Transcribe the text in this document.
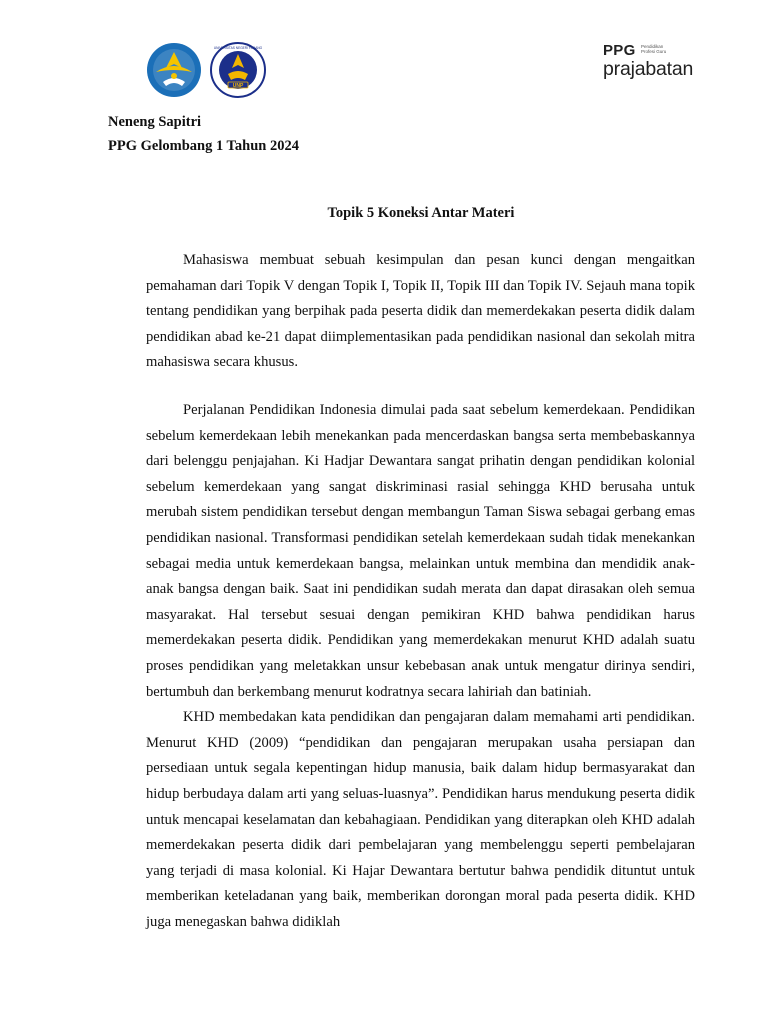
UNP
UNIVERSITAS NEGERI PADANG	PPG Pendidikan Profesi Guru
prajabatan
Neneng Sapitri
PPG Gelombang 1 Tahun 2024
Topik 5 Koneksi Antar Materi

Mahasiswa membuat sebuah kesimpulan dan pesan kunci dengan mengaitkan pemahaman dari Topik V dengan Topik I, Topik II, Topik III dan Topik IV. Sejauh mana topik tentang pendidikan yang berpihak pada peserta didik dan memerdekakan peserta didik dalam pendidikan abad ke-21 dapat diimplementasikan pada pendidikan nasional dan sekolah mitra mahasiswa secara khusus.

Perjalanan Pendidikan Indonesia dimulai pada saat sebelum kemerdekaan. Pendidikan sebelum kemerdekaan lebih menekankan pada mencerdaskan bangsa serta membebaskannya dari belenggu penjajahan. Ki Hadjar Dewantara sangat prihatin dengan pendidikan kolonial sebelum kemerdekaan yang sangat diskriminasi rasial sehingga KHD berusaha untuk merubah sistem pendidikan tersebut dengan membangun Taman Siswa sebagai gerbang emas pendidikan nasional. Transformasi pendidikan setelah kemerdekaan sudah tidak menekankan sebagai media untuk kemerdekaan bangsa, melainkan untuk membina dan mendidik anak- anak bangsa dengan baik. Saat ini pendidikan sudah merata dan dapat dirasakan oleh semua masyarakat. Hal tersebut sesuai dengan pemikiran KHD bahwa pendidikan harus memerdekakan peserta didik. Pendidikan yang memerdekakan menurut KHD adalah suatu proses pendidikan yang meletakkan unsur kebebasan anak untuk mengatur dirinya sendiri, bertumbuh dan berkembang menurut kodratnya secara lahiriah dan batiniah.

KHD membedakan kata pendidikan dan pengajaran dalam memahami arti pendidikan. Menurut KHD (2009) “pendidikan dan pengajaran merupakan usaha persiapan dan persediaan untuk segala kepentingan hidup manusia, baik dalam hidup bermasyarakat dan hidup berbudaya dalam arti yang seluas-luasnya”. Pendidikan harus mendukung peserta didik untuk mencapai keselamatan dan kebahagiaan. Pendidikan yang diterapkan oleh KHD adalah memerdekakan peserta didik dari pembelajaran yang membelenggu seperti pembelajaran yang terjadi di masa kolonial. Ki Hajar Dewantara bertutur bahwa pendidik dituntut untuk memberikan keteladanan yang baik, memberikan dorongan moral pada peserta didik. KHD juga menegaskan bahwa didiklah
